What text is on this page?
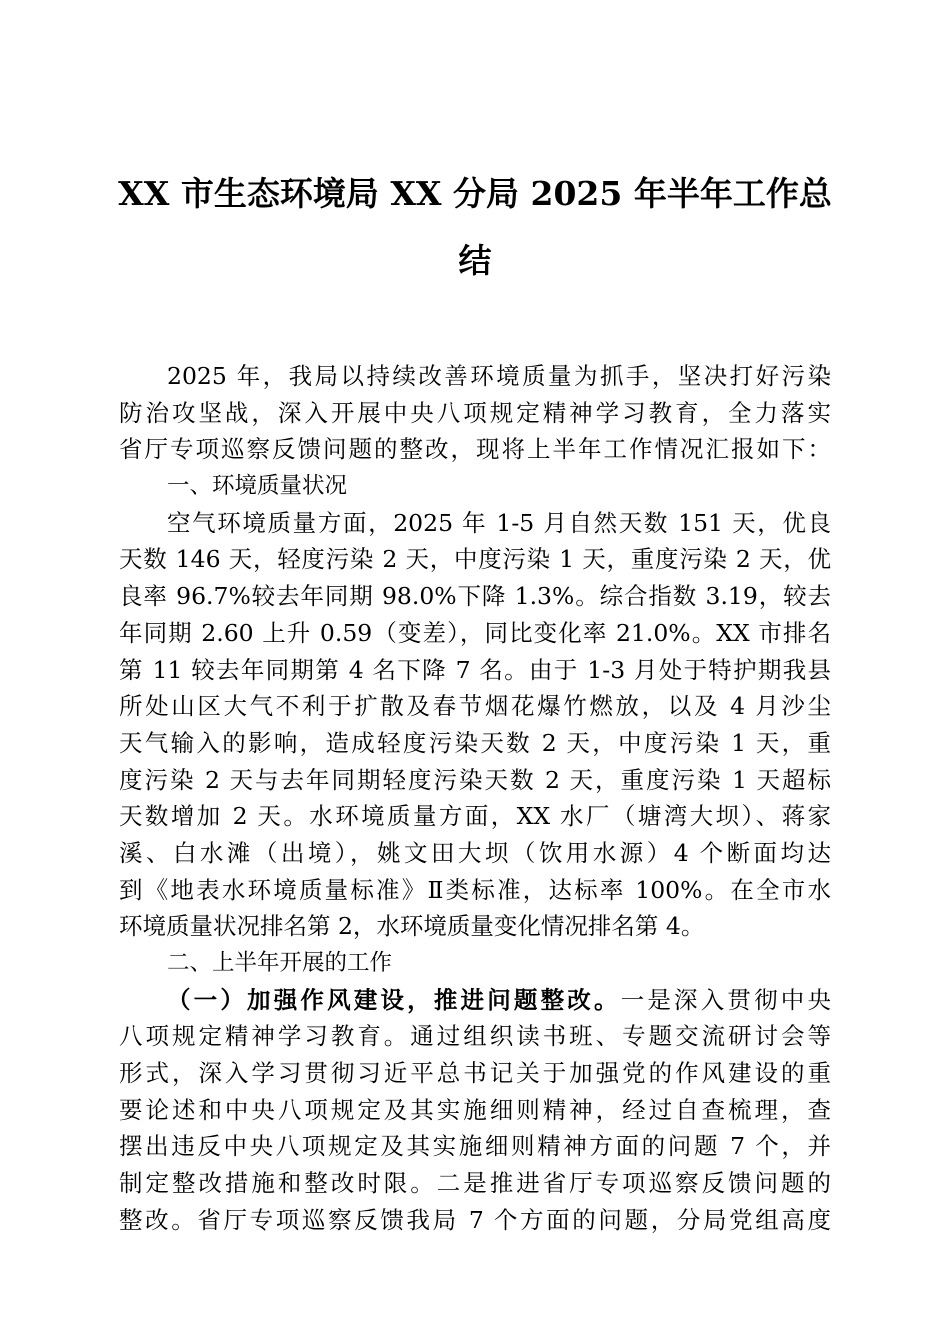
XX 市生态环境局 XX 分局 2025 年半年工作总
结
2025 年，我局以持续改善环境质量为抓手，坚决打好污染
防治攻坚战，深入开展中央八项规定精神学习教育，全力落实
省厅专项巡察反馈问题的整改，现将上半年工作情况汇报如下：
一、环境质量状况
空气环境质量方面，2025 年 1-5 月自然天数 151 天，优良
天数 146 天，轻度污染 2 天，中度污染 1 天，重度污染 2 天，优
良率 96.7%较去年同期 98.0%下降 1.3%。综合指数 3.19，较去
年同期 2.60 上升 0.59（变差），同比变化率 21.0%。XX 市排名
第 11 较去年同期第 4 名下降 7 名。由于 1-3 月处于特护期我县
所处山区大气不利于扩散及春节烟花爆竹燃放，以及 4 月沙尘
天气输入的影响，造成轻度污染天数 2 天，中度污染 1 天，重
度污染 2 天与去年同期轻度污染天数 2 天，重度污染 1 天超标
天数增加 2 天。水环境质量方面，XX 水厂（塘湾大坝）、蒋家
溪、白水滩（出境），姚文田大坝（饮用水源）4 个断面均达
到《地表水环境质量标准》Ⅱ类标准，达标率 100%。在全市水
环境质量状况排名第 2，水环境质量变化情况排名第 4。
二、上半年开展的工作
（一）加强作风建设，推进问题整改。一是深入贯彻中央
八项规定精神学习教育。通过组织读书班、专题交流研讨会等
形式，深入学习贯彻习近平总书记关于加强党的作风建设的重
要论述和中央八项规定及其实施细则精神，经过自查梳理，查
摆出违反中央八项规定及其实施细则精神方面的问题 7 个，并
制定整改措施和整改时限。二是推进省厅专项巡察反馈问题的
整改。省厅专项巡察反馈我局 7 个方面的问题，分局党组高度
